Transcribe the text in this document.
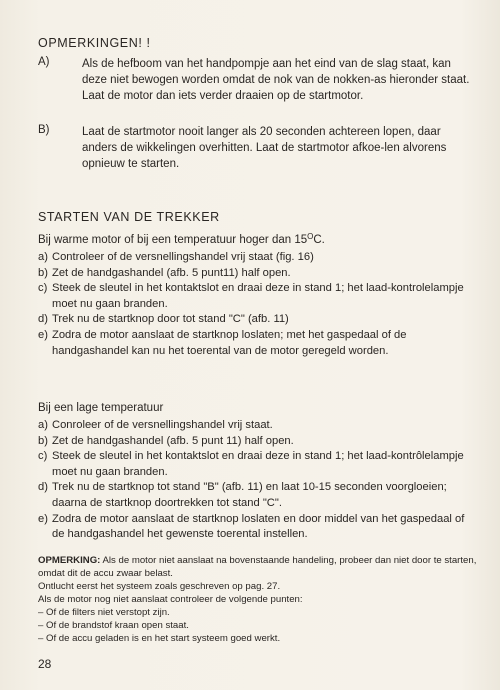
OPMERKINGEN! !
A)	Als de hefboom van het handpompje aan het eind van de slag staat, kan deze niet bewogen worden omdat de nok van de nokken-as hieronder staat. Laat de motor dan iets verder draaien op de startmotor.
B)	Laat de startmotor nooit langer als 20 seconden achtereen lopen, daar anders de wikkelingen overhitten. Laat de startmotor afkoe-len alvorens opnieuw te starten.
STARTEN VAN DE TREKKER
Bij warme motor of bij een temperatuur hoger dan $15^OC$.
a) Controleer of de versnellingshandel vrij staat (fig. 16)
b) Zet de handgashandel (afb. 5 punt11) half open.
c) Steek de sleutel in het kontaktslot en draai deze in stand 1; het laad-kontrolelampje moet nu gaan branden.
d) Trek nu de startknop door tot stand "C" (afb. 11)
e) Zodra de motor aanslaat de startknop loslaten; met het gaspedaal of de handgashandel kan nu het toerental van de motor geregeld worden.
Bij een lage temperatuur
a) Conroleer of de versnellingshandel vrij staat.
b) Zet de handgashandel (afb. 5 punt 11) half open.
c) Steek de sleutel in het kontaktslot en draai deze in stand 1; het laad-kontrôlelampje moet nu gaan branden.
d) Trek nu de startknop tot stand "B" (afb. 11) en laat 10-15 seconden voorgloeien; daarna de startknop doortrekken tot stand "C".
e) Zodra de motor aanslaat de startknop loslaten en door middel van het gaspedaal of de handgashandel het gewenste toerental instellen.
OPMERKING: Als de motor niet aanslaat na bovenstaande handeling, probeer dan niet door te starten, omdat dit de accu zwaar belast.
Ontlucht eerst het systeem zoals geschreven op pag. 27.
Als de motor nog niet aanslaat controleer de volgende punten:
– Of de filters niet verstopt zijn.
– Of de brandstof kraan open staat.
– Of de accu geladen is en het start systeem goed werkt.
28
